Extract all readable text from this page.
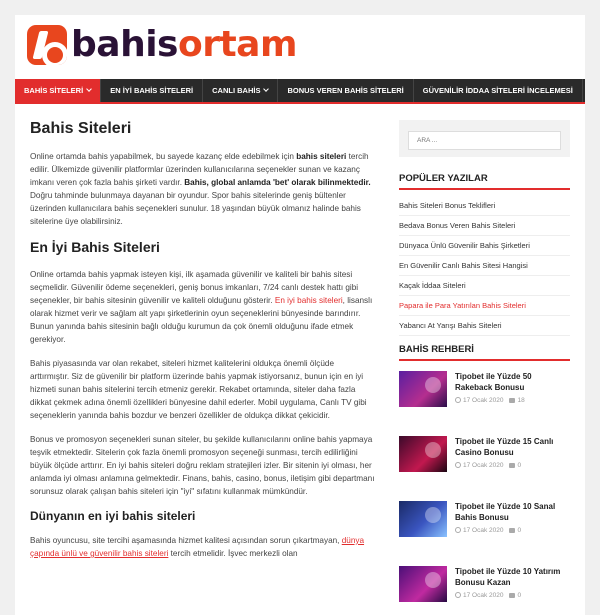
bahisortam
BAHİS SİTELERİ	EN İYİ BAHİS SİTELERİ	CANLI BAHİS	BONUS VEREN BAHİS SİTELERİ	GÜVENİLİR İDDAA SİTELERİ İNCELEMESİ
Bahis Siteleri

Online ortamda bahis yapabilmek, bu sayede kazanç elde edebilmek için bahis siteleri tercih edilir. Ülkemizde güvenilir platformlar üzerinden kullanıcılarına seçenekler sunan ve kazanç imkanı veren çok fazla bahis şirketi vardır. Bahis, global anlamda 'bet' olarak bilinmektedir. Doğru tahminde bulunmaya dayanan bir oyundur. Spor bahis sitelerinde geniş bültenler üzerinden kullanıcılara bahis seçenekleri sunulur. 18 yaşından büyük olmanız halinde bahis sitelerine üye olabilirsiniz.

En İyi Bahis Siteleri

Online ortamda bahis yapmak isteyen kişi, ilk aşamada güvenilir ve kaliteli bir bahis sitesi seçmelidir. Güvenilir ödeme seçenekleri, geniş bonus imkanları, 7/24 canlı destek hattı gibi seçenekler, bir bahis sitesinin güvenilir ve kaliteli olduğunu gösterir. En iyi bahis siteleri, lisanslı olarak hizmet verir ve sağlam alt yapı şirketlerinin oyun seçeneklerini bünyesinde barındırır. Bunun yanında bahis sitesinin bağlı olduğu kurumun da çok önemli olduğunu ifade etmek gerekiyor.

Bahis piyasasında var olan rekabet, siteleri hizmet kalitelerini oldukça önemli ölçüde arttırmıştır. Siz de güvenilir bir platform üzerinde bahis yapmak istiyorsanız, bunun için en iyi hizmeti sunan bahis sitelerini tercih etmeniz gerekir. Rekabet ortamında, siteler daha fazla dikkat çekmek adına önemli özellikleri bünyesine dahil ederler. Mobil uygulama, Canlı TV gibi seçeneklerin yanında bahis bozdur ve benzeri özellikler de oldukça dikkat çekicidir.

Bonus ve promosyon seçenekleri sunan siteler, bu şekilde kullanıcılarını online bahis yapmaya teşvik etmektedir. Sitelerin çok fazla önemli promosyon seçeneği sunması, tercih edilirliğini büyük ölçüde arttırır. En iyi bahis siteleri doğru reklam stratejileri izler. Bir sitenin iyi olması, her anlamda iyi olması anlamına gelmektedir. Finans, bahis, casino, bonus, iletişim gibi departmanı sorunsuz olarak çalışan bahis siteleri için "iyi" sıfatını kullanmak mümkündür.

Dünyanın en iyi bahis siteleri

Bahis oyuncusu, site tercihi aşamasında hizmet kalitesi açısından sorun çıkartmayan, dünya çapında ünlü ve güvenilir bahis siteleri tercih etmelidir. İşvec merkezli olan

ARA ...
POPÜLER YAZILAR
Bahis Siteleri Bonus Teklifleri
Bedava Bonus Veren Bahis Siteleri
Dünyaca Ünlü Güvenilir Bahis Şirketleri
En Güvenilir Canlı Bahis Sitesi Hangisi
Kaçak İddaa Siteleri
Papara ile Para Yatırılan Bahis Siteleri
Yabancı At Yarışı Bahis Siteleri
BAHİS REHBERİ
Tipobet ile Yüzde 50 Rakeback Bonusu
17 Ocak 2020 18
Tipobet ile Yüzde 15 Canlı Casino Bonusu
17 Ocak 2020 0
Tipobet ile Yüzde 10 Sanal Bahis Bonusu
17 Ocak 2020 0
Tipobet ile Yüzde 10 Yatırım Bonusu Kazan
17 Ocak 2020 0
